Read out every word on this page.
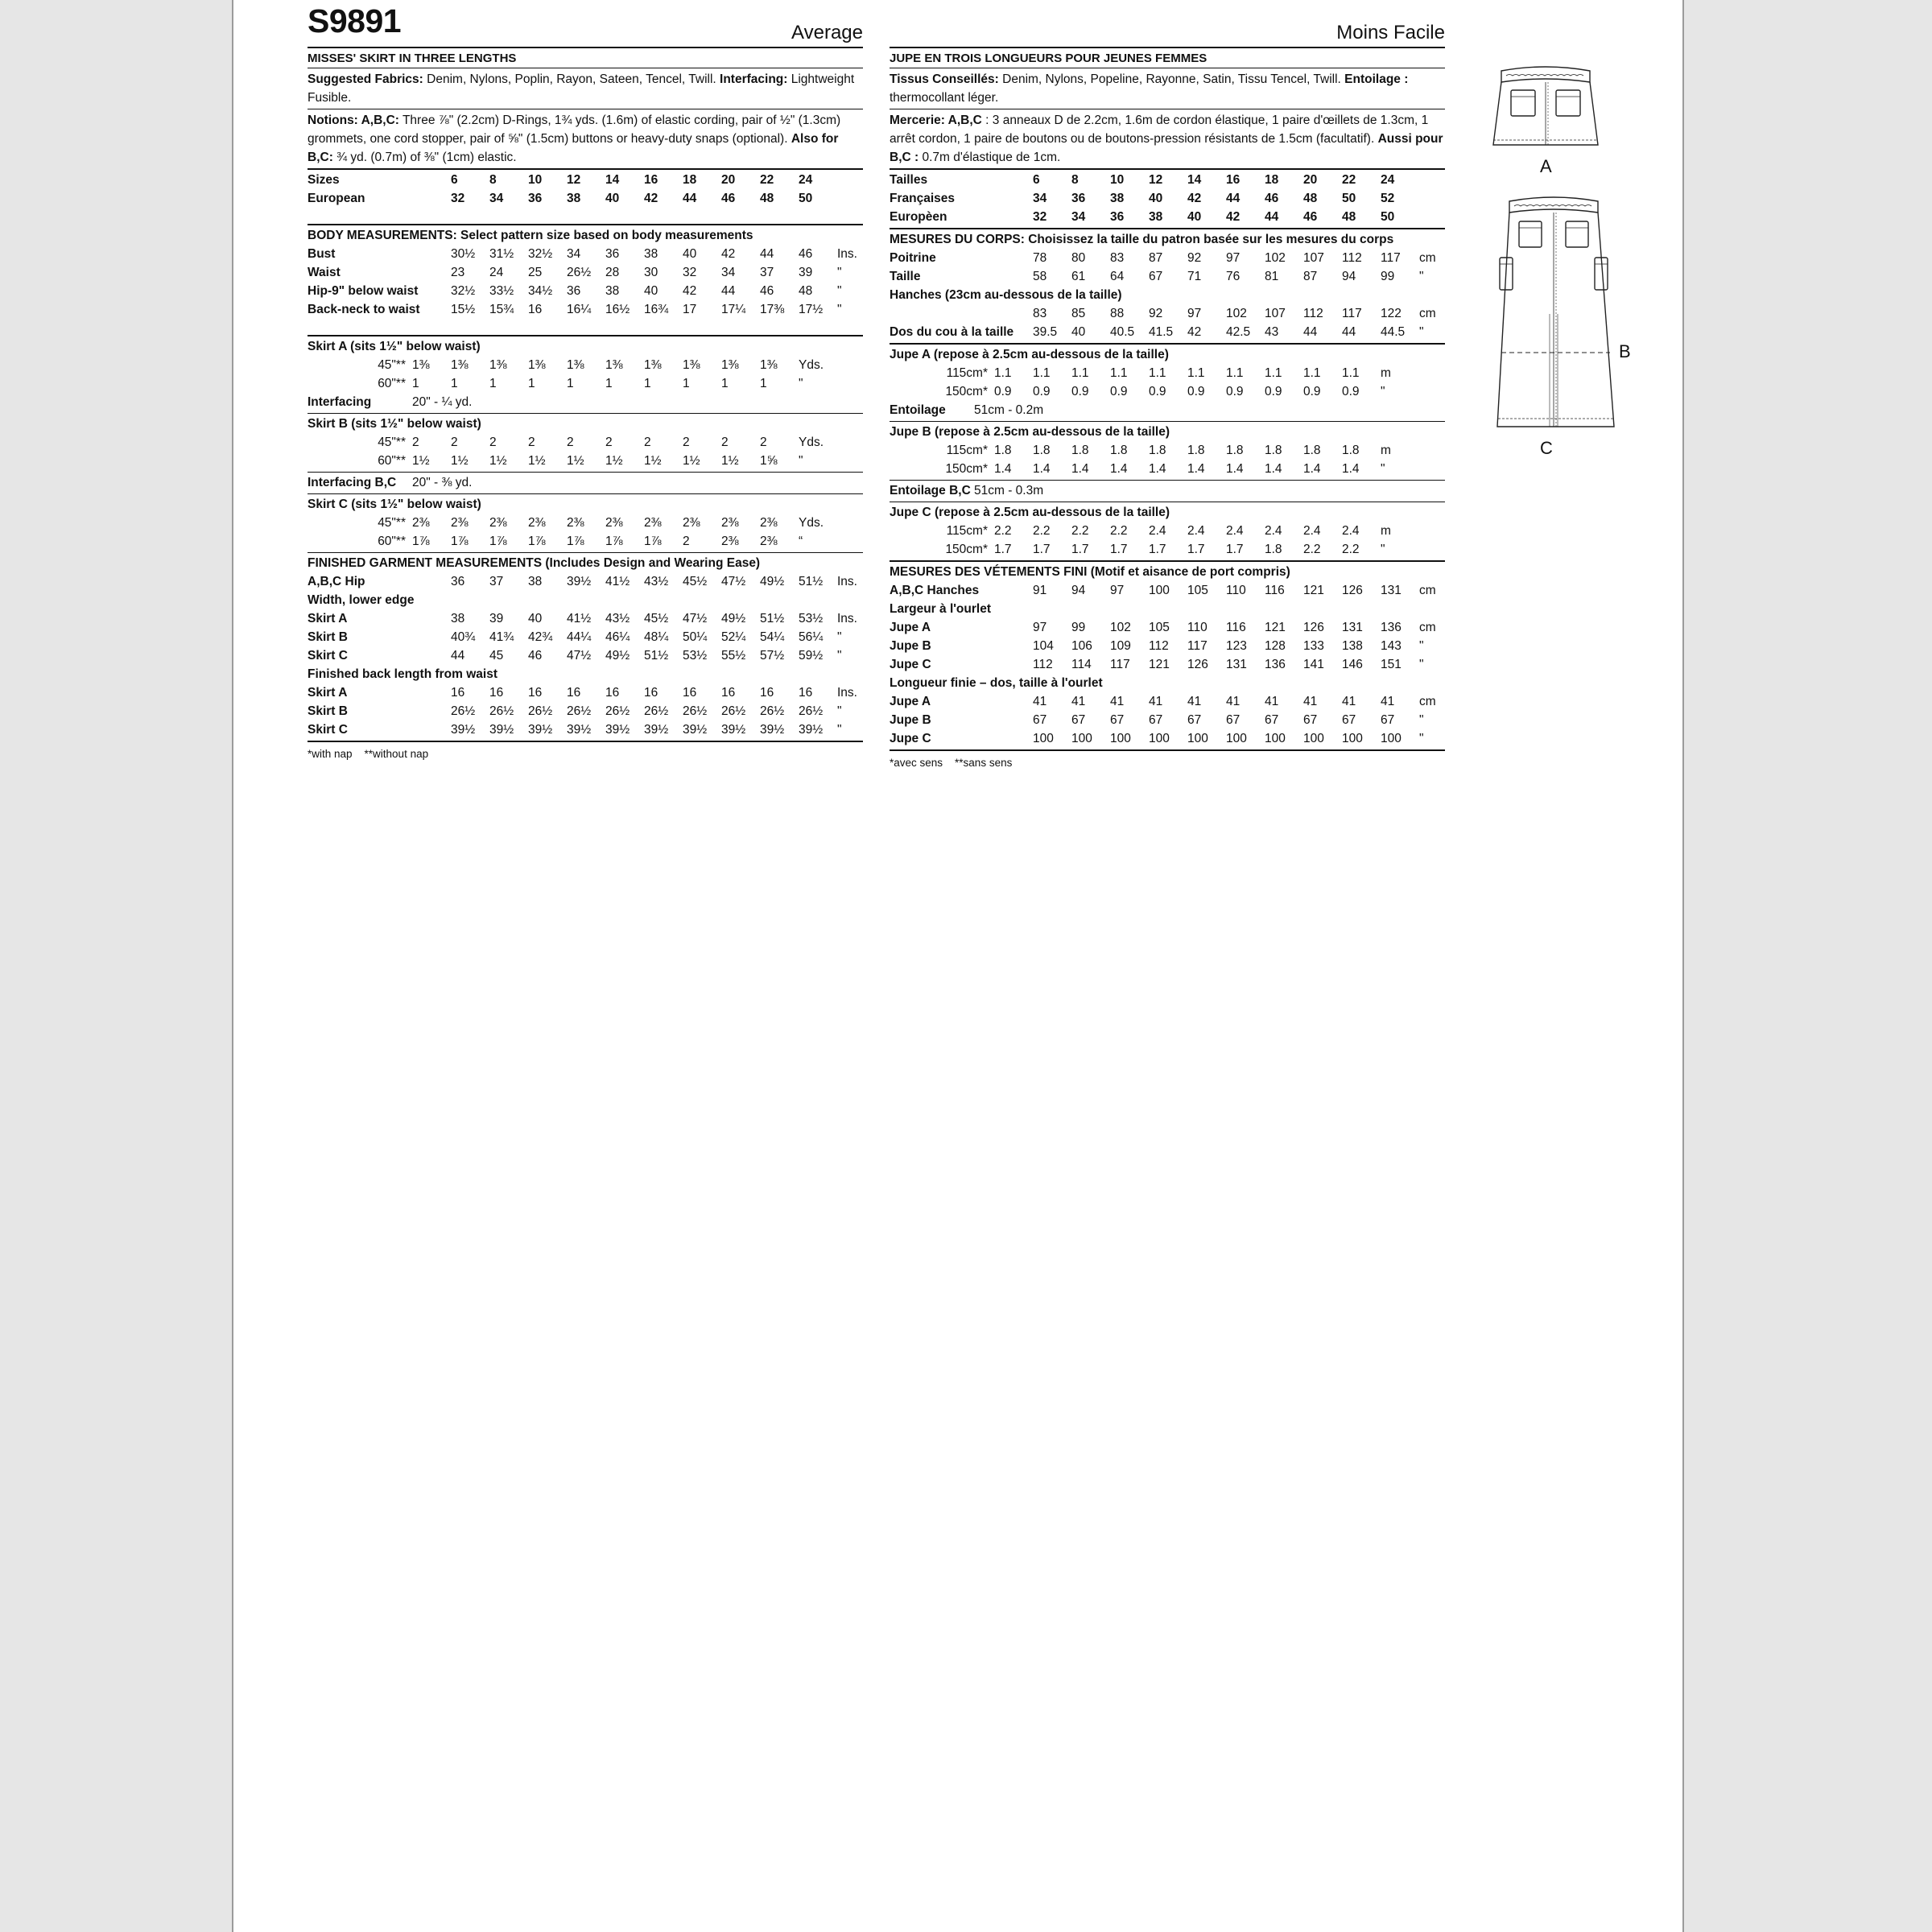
S9891	Average
MISSES' SKIRT IN THREE LENGTHS
Suggested Fabrics: Denim, Nylons, Poplin, Rayon, Sateen, Tencel, Twill. Interfacing: Lightweight Fusible.
Notions: A,B,C: Three ⅞" (2.2cm) D-Rings, 1¾ yds. (1.6m) of elastic cording, pair of ½" (1.3cm) grommets, one cord stopper, pair of ⅝" (1.5cm) buttons or heavy-duty snaps (optional). Also for B,C: ¾ yd. (0.7m) of ⅜" (1cm) elastic.
Sizes	6	8	10	12	14	16	18	20	22	24
European	32	34	36	38	40	42	44	46	48	50
BODY MEASUREMENTS: Select pattern size based on body measurements
Bust	30½	31½	32½	34	36	38	40	42	44	46	Ins.
Waist	23	24	25	26½	28	30	32	34	37	39	"
Hip-9" below waist	32½	33½	34½	36	38	40	42	44	46	48	"
Back-neck to waist	15½	15¾	16	16¼	16½	16¾	17	17¼	17⅜	17½	"
Skirt A (sits 1½" below waist)
45"** 1⅜	1⅜	1⅜	1⅜	1⅜	1⅜	1⅜	1⅜	1⅜	1⅜	Yds.
60"** 1	1	1	1	1	1	1	1	1	1	"
Interfacing	20" - ¼ yd.
Skirt B (sits 1½" below waist)
45"** 2	2	2	2	2	2	2	2	2	2	Yds.
60"** 1½	1½	1½	1½	1½	1½	1½	1½	1½	1⅝	"
Interfacing B,C	20" - ⅜ yd.
Skirt C (sits 1½" below waist)
45"** 2⅜	2⅜	2⅜	2⅜	2⅜	2⅜	2⅜	2⅜	2⅜	2⅜	Yds.
60"** 1⅞	1⅞	1⅞	1⅞	1⅞	1⅞	1⅞	2	2⅜	2⅜	“
FINISHED GARMENT MEASUREMENTS (Includes Design and Wearing Ease)
A,B,C Hip	36	37	38	39½	41½	43½	45½	47½	49½	51½	Ins.
Width, lower edge
Skirt A	38	39	40	41½	43½	45½	47½	49½	51½	53½	Ins.
Skirt B	40¾	41¾	42¾	44¼	46¼	48¼	50¼	52¼	54¼	56¼	"
Skirt C	44	45	46	47½	49½	51½	53½	55½	57½	59½	"
Finished back length from waist
Skirt A	16	16	16	16	16	16	16	16	16	16	Ins.
Skirt B	26½	26½	26½	26½	26½	26½	26½	26½	26½	26½	"
Skirt C	39½	39½	39½	39½	39½	39½	39½	39½	39½	39½	"
*with nap    **without nap
Moins Facile
JUPE EN TROIS LONGUEURS POUR JEUNES FEMMES
Tissus Conseillés: Denim, Nylons, Popeline, Rayonne, Satin, Tissu Tencel, Twill. Entoilage : thermocollant léger.
Mercerie: A,B,C : 3 anneaux D de 2.2cm, 1.6m de cordon élastique, 1 paire d'œillets de 1.3cm, 1 arrêt cordon, 1 paire de boutons ou de boutons-pression résistants de 1.5cm (facultatif). Aussi pour B,C : 0.7m d'élastique de 1cm.
Tailles	6	8	10	12	14	16	18	20	22	24
Françaises	34	36	38	40	42	44	46	48	50	52
Europèen	32	34	36	38	40	42	44	46	48	50
MESURES DU CORPS: Choisissez la taille du patron basée sur les mesures du corps
Poitrine	78	80	83	87	92	97	102	107	112	117	cm
Taille	58	61	64	67	71	76	81	87	94	99	"
Hanches (23cm au-dessous de la taille)
83	85	88	92	97	102	107	112	117	122	cm
Dos du cou à la taille	39.5	40	40.5	41.5	42	42.5	43	44	44	44.5	"
Jupe A (repose à 2.5cm au-dessous de la taille)
115cm* 1.1	1.1	1.1	1.1	1.1	1.1	1.1	1.1	1.1	1.1	m
150cm* 0.9	0.9	0.9	0.9	0.9	0.9	0.9	0.9	0.9	0.9	"
Entoilage	51cm - 0.2m
Jupe B (repose à 2.5cm au-dessous de la taille)
115cm* 1.8	1.8	1.8	1.8	1.8	1.8	1.8	1.8	1.8	1.8	m
150cm* 1.4	1.4	1.4	1.4	1.4	1.4	1.4	1.4	1.4	1.4	"
Entoilage B,C 51cm - 0.3m
Jupe C (repose à 2.5cm au-dessous de la taille)
115cm* 2.2	2.2	2.2	2.2	2.4	2.4	2.4	2.4	2.4	2.4	m
150cm* 1.7	1.7	1.7	1.7	1.7	1.7	1.7	1.8	2.2	2.2	"
MESURES DES VÉTEMENTS FINI (Motif et aisance de port compris)
A,B,C Hanches	91	94	97	100	105	110	116	121	126	131	cm
Largeur à l'ourlet
Jupe A	97	99	102	105	110	116	121	126	131	136	cm
Jupe B	104	106	109	112	117	123	128	133	138	143	"
Jupe C	112	114	117	121	126	131	136	141	146	151	"
Longueur finie – dos, taille à l'ourlet
Jupe A	41	41	41	41	41	41	41	41	41	41	cm
Jupe B	67	67	67	67	67	67	67	67	67	67	"
Jupe C	100	100	100	100	100	100	100	100	100	100	"
*avec sens    **sans sens
A
B
C
